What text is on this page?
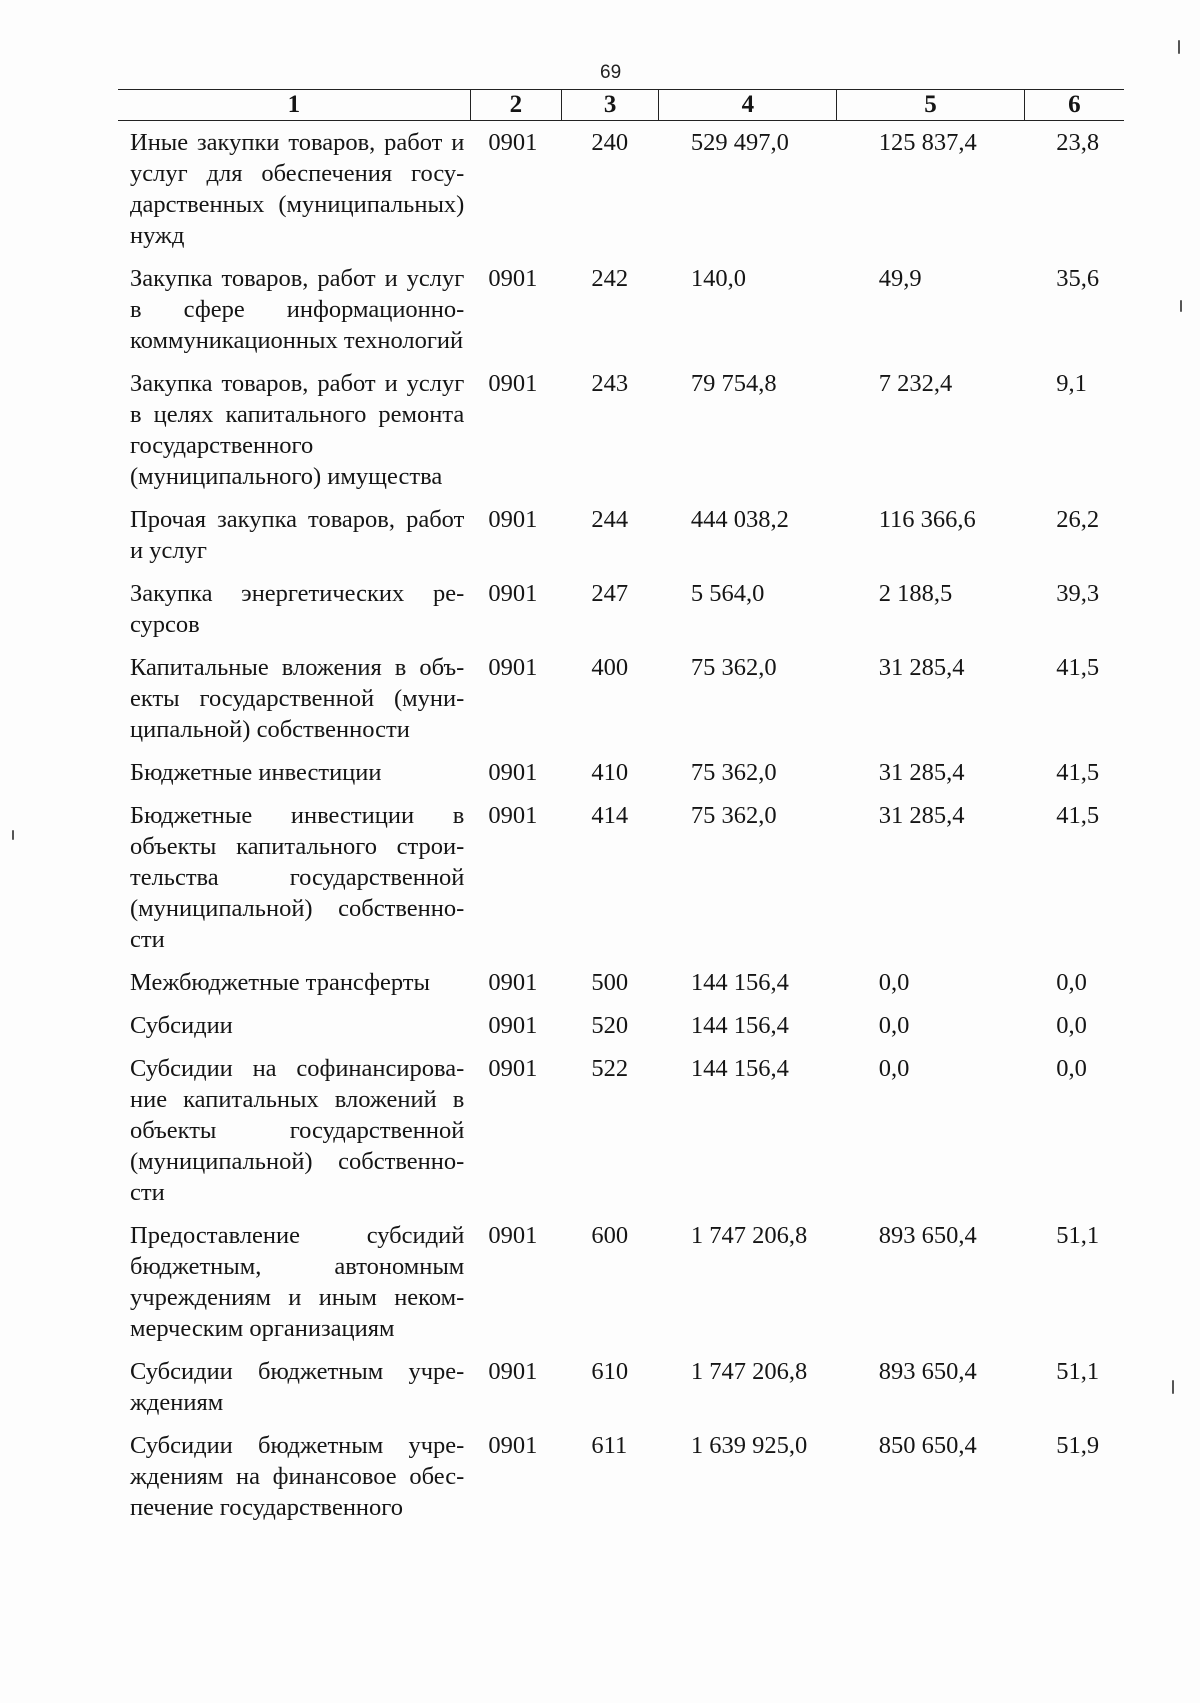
69
1	2	3	4	5	6
Иные закупки товаров, работ и услуг для обеспечения государственных (муниципальных) нужд	0901	240	529 497,0	125 837,4	23,8
Закупка товаров, работ и услуг в сфере информационно-коммуникационных технологий	0901	242	140,0	49,9	35,6
Закупка товаров, работ и услуг в целях капитального ремонта государственного (муниципального) имущества	0901	243	79 754,8	7 232,4	9,1
Прочая закупка товаров, работ и услуг	0901	244	444 038,2	116 366,6	26,2
Закупка энергетических ресурсов	0901	247	5 564,0	2 188,5	39,3
Капитальные вложения в объекты государственной (муниципальной) собственности	0901	400	75 362,0	31 285,4	41,5
Бюджетные инвестиции	0901	410	75 362,0	31 285,4	41,5
Бюджетные инвестиции в объекты капитального строительства государственной (муниципальной) собственности	0901	414	75 362,0	31 285,4	41,5
Межбюджетные трансферты	0901	500	144 156,4	0,0	0,0
Субсидии	0901	520	144 156,4	0,0	0,0
Субсидии на софинансирование капитальных вложений в объекты государственной (муниципальной) собственности	0901	522	144 156,4	0,0	0,0
Предоставление субсидий бюджетным, автономным учреждениям и иным некоммерческим организациям	0901	600	1 747 206,8	893 650,4	51,1
Субсидии бюджетным учреждениям	0901	610	1 747 206,8	893 650,4	51,1
Субсидии бюджетным учреждениям на финансовое обеспечение государственного	0901	611	1 639 925,0	850 650,4	51,9
